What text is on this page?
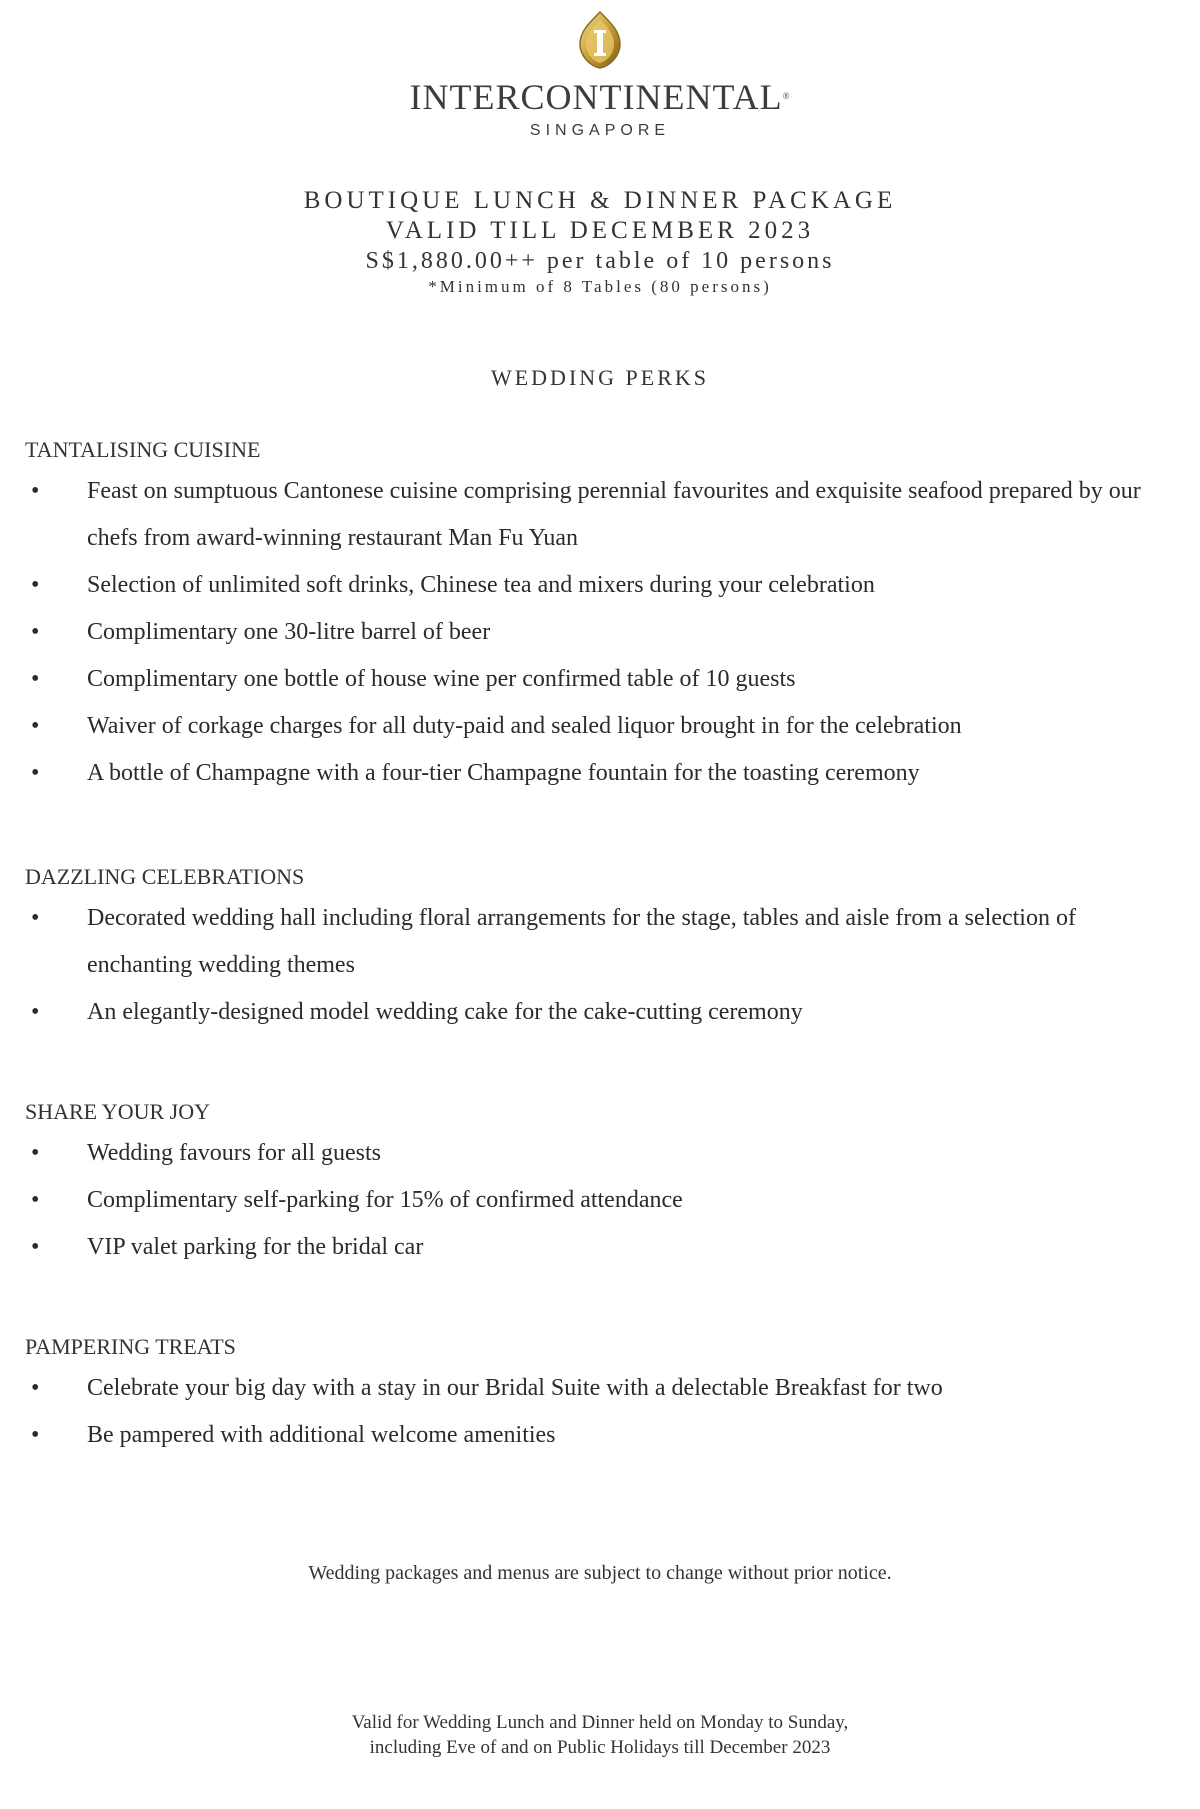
INTERCONTINENTAL®
SINGAPORE
BOUTIQUE LUNCH & DINNER PACKAGE
VALID TILL DECEMBER 2023
S$1,880.00++ per table of 10 persons
*Minimum of 8 Tables (80 persons)
WEDDING PERKS
TANTALISING CUISINE
• Feast on sumptuous Cantonese cuisine comprising perennial favourites and exquisite seafood prepared by our chefs from award-winning restaurant Man Fu Yuan
• Selection of unlimited soft drinks, Chinese tea and mixers during your celebration
• Complimentary one 30-litre barrel of beer
• Complimentary one bottle of house wine per confirmed table of 10 guests
• Waiver of corkage charges for all duty-paid and sealed liquor brought in for the celebration
• A bottle of Champagne with a four-tier Champagne fountain for the toasting ceremony
DAZZLING CELEBRATIONS
• Decorated wedding hall including floral arrangements for the stage, tables and aisle from a selection of enchanting wedding themes
• An elegantly-designed model wedding cake for the cake-cutting ceremony
SHARE YOUR JOY
• Wedding favours for all guests
• Complimentary self-parking for 15% of confirmed attendance
• VIP valet parking for the bridal car
PAMPERING TREATS
• Celebrate your big day with a stay in our Bridal Suite with a delectable Breakfast for two
• Be pampered with additional welcome amenities
Wedding packages and menus are subject to change without prior notice.
Valid for Wedding Lunch and Dinner held on Monday to Sunday,
including Eve of and on Public Holidays till December 2023
